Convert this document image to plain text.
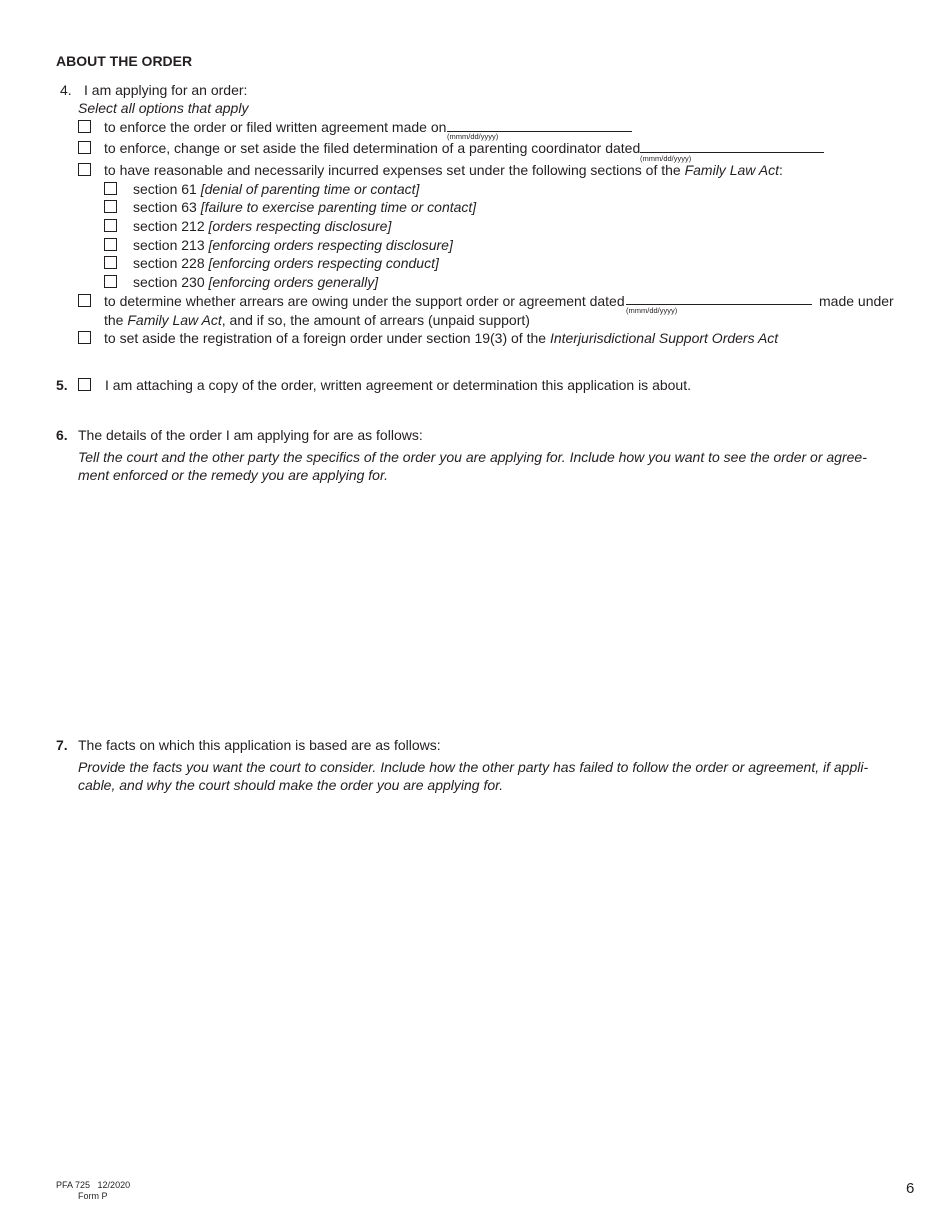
ABOUT THE ORDER
4. I am applying for an order:
Select all options that apply
to enforce the order or filed written agreement made on
(mmm/dd/yyyy)
to enforce, change or set aside the filed determination of a parenting coordinator dated
(mmm/dd/yyyy)
to have reasonable and necessarily incurred expenses set under the following sections of the Family Law Act:
section 61 [denial of parenting time or contact]
section 63 [failure to exercise parenting time or contact]
section 212 [orders respecting disclosure]
section 213 [enforcing orders respecting disclosure]
section 228 [enforcing orders respecting conduct]
section 230 [enforcing orders generally]
to determine whether arrears are owing under the support order or agreement dated
(mmm/dd/yyyy)
made under
the Family Law Act, and if so, the amount of arrears (unpaid support)
to set aside the registration of a foreign order under section 19(3) of the Interjurisdictional Support Orders Act
5.	I am attaching a copy of the order, written agreement or determination this application is about.
6. The details of the order I am applying for are as follows:
Tell the court and the other party the specifics of the order you are applying for. Include how you want to see the order or agree-
ment enforced or the remedy you are applying for.
7. The facts on which this application is based are as follows:
Provide the facts you want the court to consider. Include how the other party has failed to follow the order or agreement, if appli-
cable, and why the court should make the order you are applying for.
PFA 725 12/2020
Form P	6
